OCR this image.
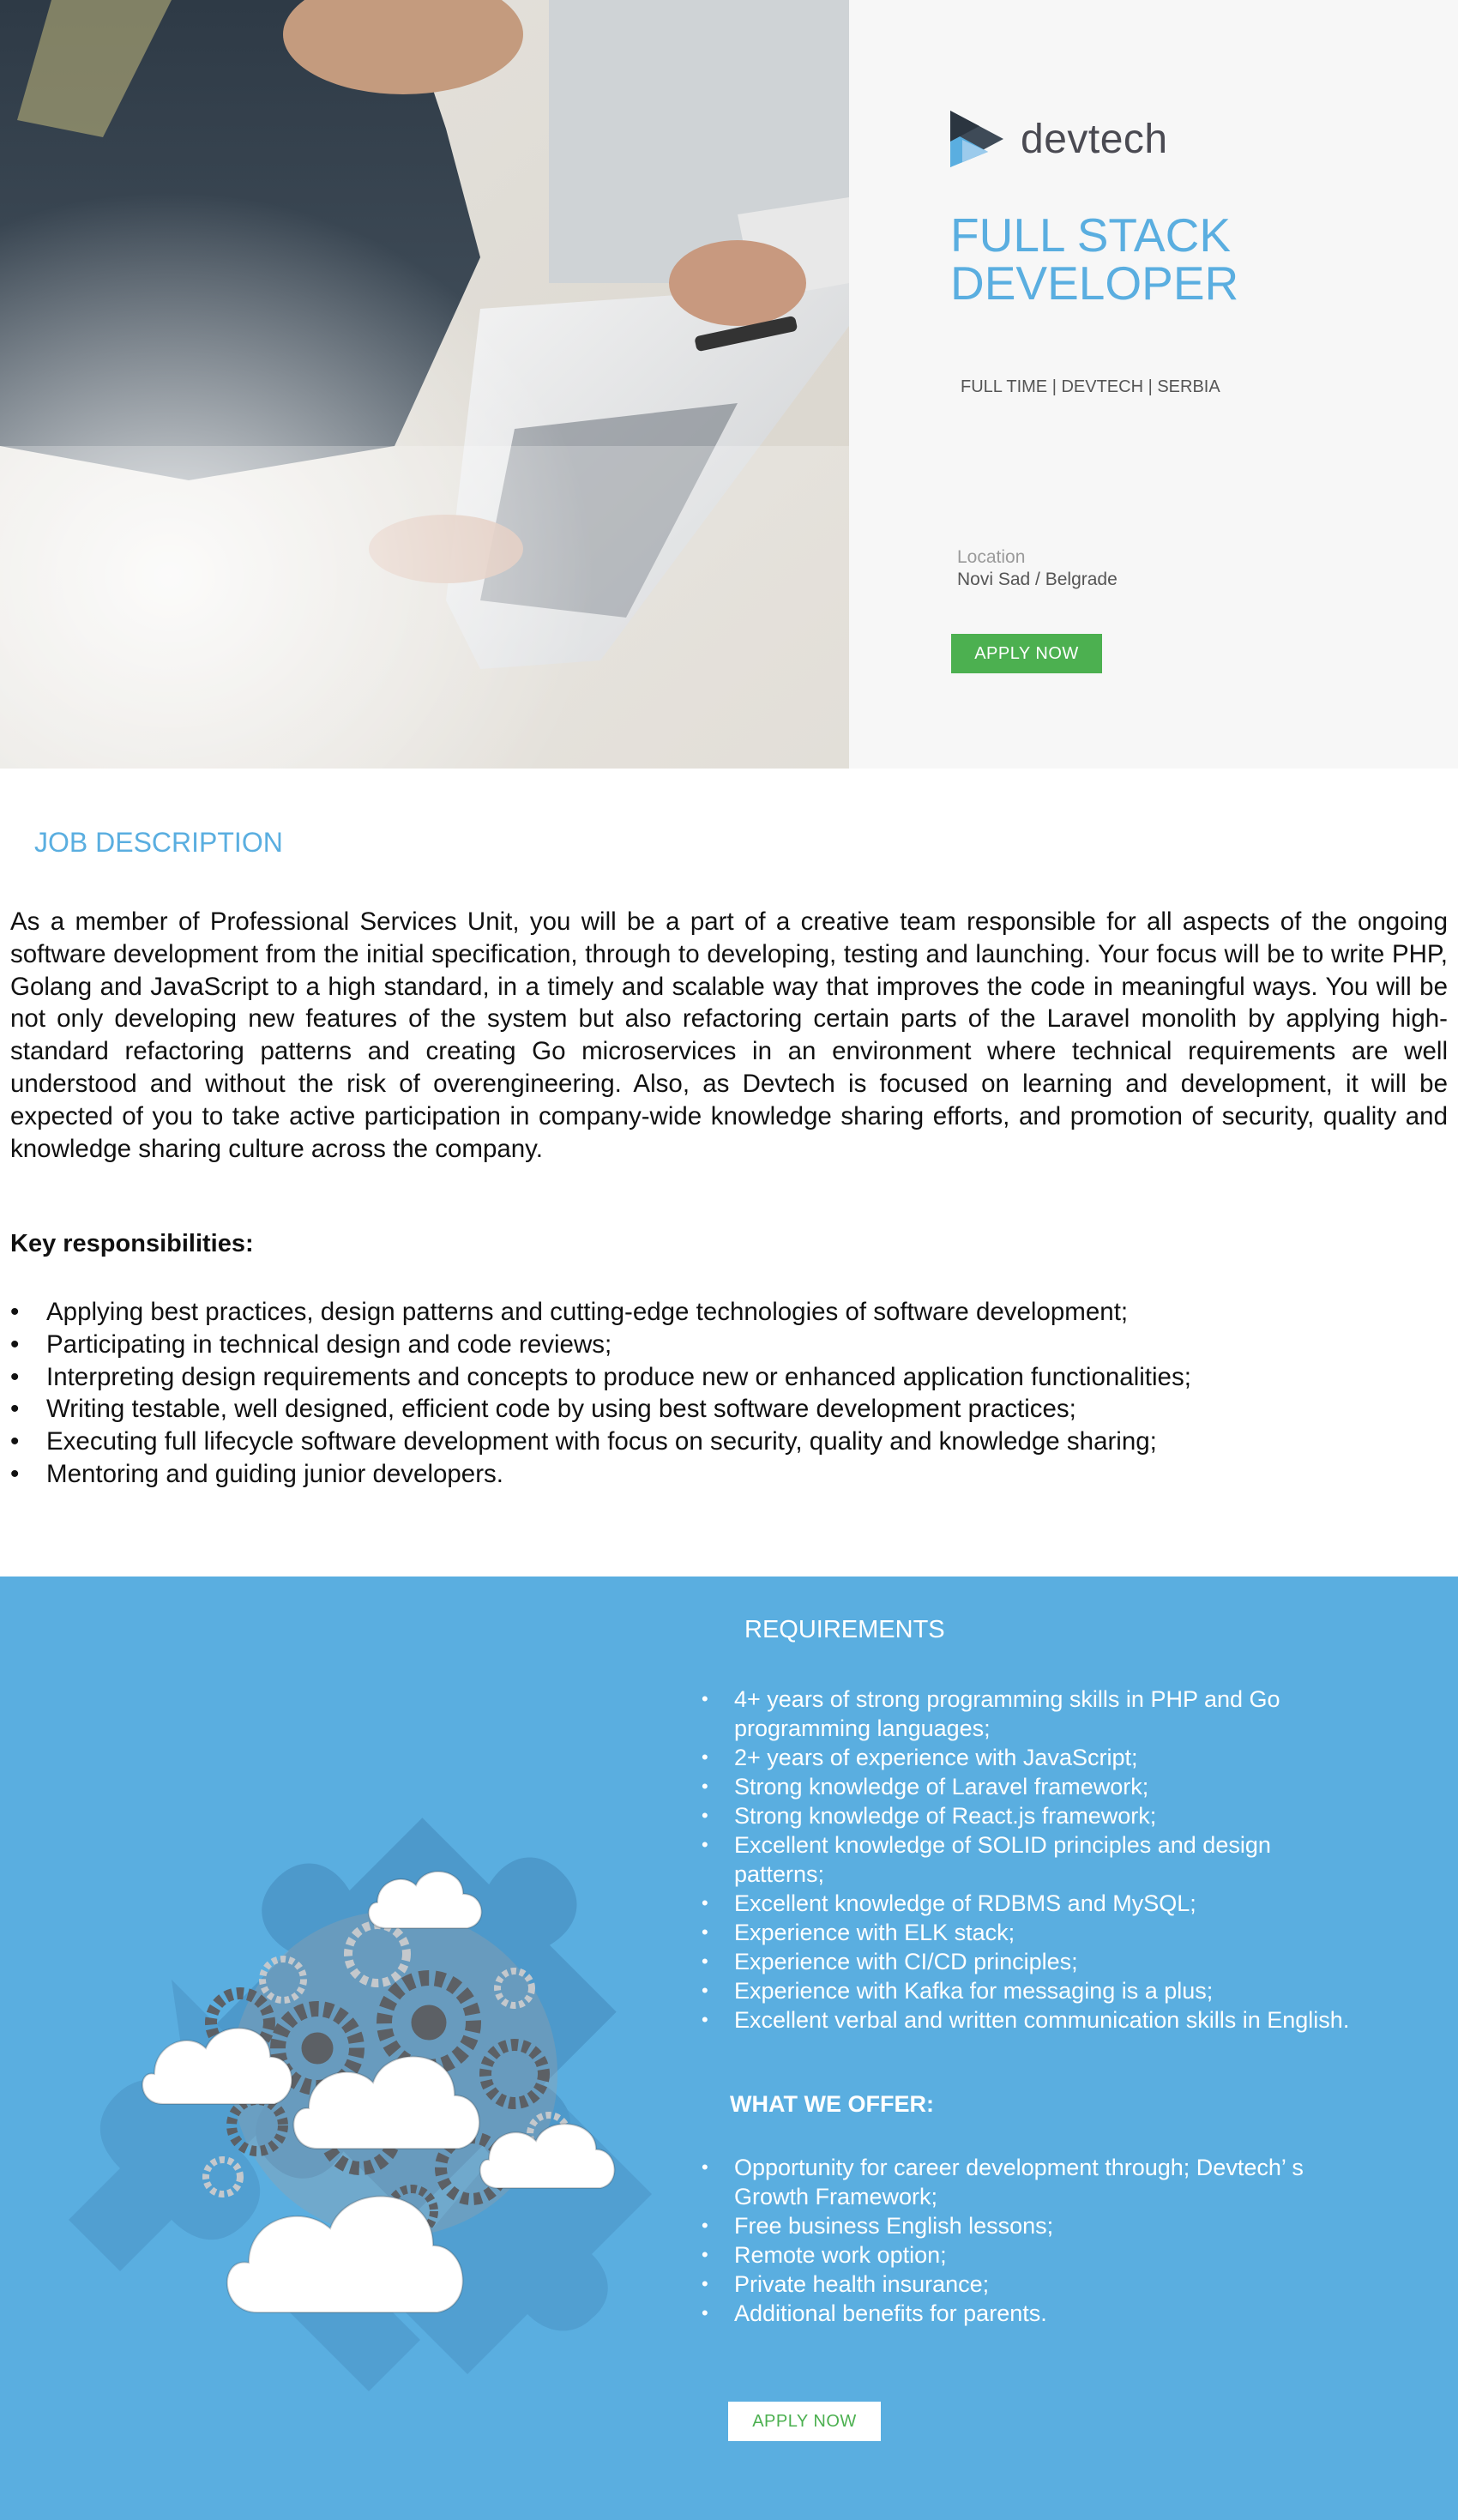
devtech
FULL STACK
DEVELOPER
FULL TIME | DEVTECH | SERBIA
Location
Novi Sad / Belgrade
APPLY NOW
JOB DESCRIPTION

As a member of Professional Services Unit, you will be a part of a creative team responsible for all aspects of the ongoing software development from the initial specification, through to developing, testing and launching. Your focus will be to write PHP, Golang and JavaScript to a high standard, in a timely and scalable way that improves the code in meaningful ways. You will be not only developing new features of the system but also refactoring certain parts of the Laravel monolith by applying high-standard refactoring patterns and creating Go microservices in an environment where technical requirements are well understood and without the risk of overengineering. Also, as Devtech is focused on learning and development, it will be expected of you to take active participation in company-wide knowledge sharing efforts, and promotion of security, quality and knowledge sharing culture across the company.

Key responsibilities:
• Applying best practices, design patterns and cutting-edge technologies of software development;
• Participating in technical design and code reviews;
• Interpreting design requirements and concepts to produce new or enhanced application functionalities;
• Writing testable, well designed, efficient code by using best software development practices;
• Executing full lifecycle software development with focus on security, quality and knowledge sharing;
• Mentoring and guiding junior developers.
REQUIREMENTS
• 4+ years of strong programming skills in PHP and Go programming languages;
• 2+ years of experience with JavaScript;
• Strong knowledge of Laravel framework;
• Strong knowledge of React.js framework;
• Excellent knowledge of SOLID principles and design patterns;
• Excellent knowledge of RDBMS and MySQL;
• Experience with ELK stack;
• Experience with CI/CD principles;
• Experience with Kafka for messaging is a plus;
• Excellent verbal and written communication skills in English.
WHAT WE OFFER:
• Opportunity for career development through; Devtech’ s Growth Framework;
• Free business English lessons;
• Remote work option;
• Private health insurance;
• Additional benefits for parents.
APPLY NOW
